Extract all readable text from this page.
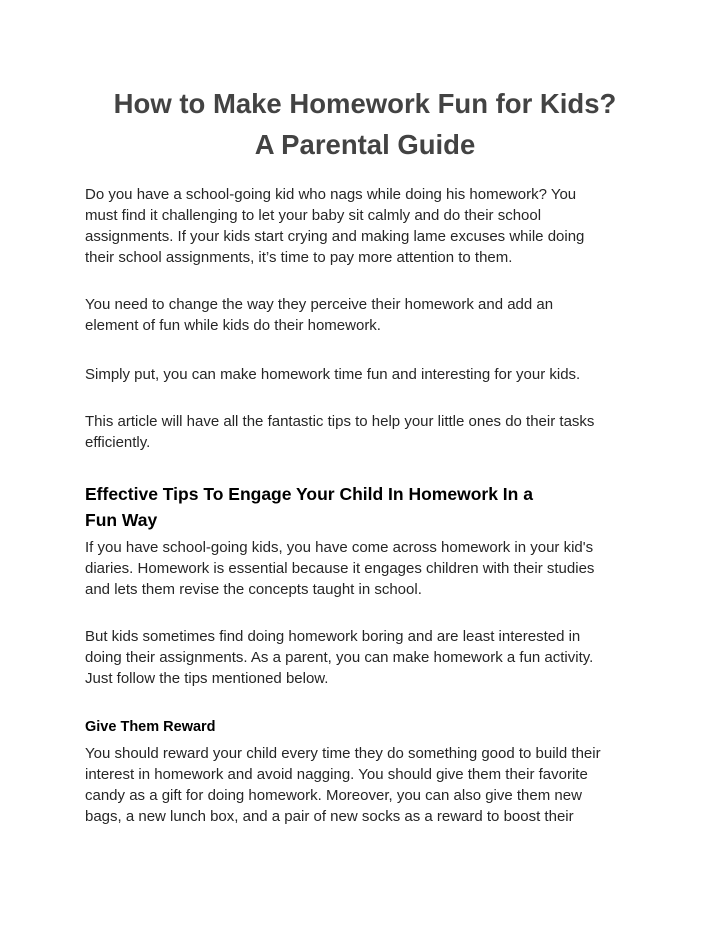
How to Make Homework Fun for Kids?
A Parental Guide

Do you have a school-going kid who nags while doing his homework? You
must find it challenging to let your baby sit calmly and do their school
assignments. If your kids start crying and making lame excuses while doing
their school assignments, it’s time to pay more attention to them.

You need to change the way they perceive their homework and add an
element of fun while kids do their homework.

Simply put, you can make homework time fun and interesting for your kids.

This article will have all the fantastic tips to help your little ones do their tasks
efficiently.

Effective Tips To Engage Your Child In Homework In a
Fun Way

If you have school-going kids, you have come across homework in your kid's
diaries. Homework is essential because it engages children with their studies
and lets them revise the concepts taught in school.

But kids sometimes find doing homework boring and are least interested in
doing their assignments. As a parent, you can make homework a fun activity.
Just follow the tips mentioned below.

Give Them Reward

You should reward your child every time they do something good to build their
interest in homework and avoid nagging. You should give them their favorite
candy as a gift for doing homework. Moreover, you can also give them new
bags, a new lunch box, and a pair of new socks as a reward to boost their
